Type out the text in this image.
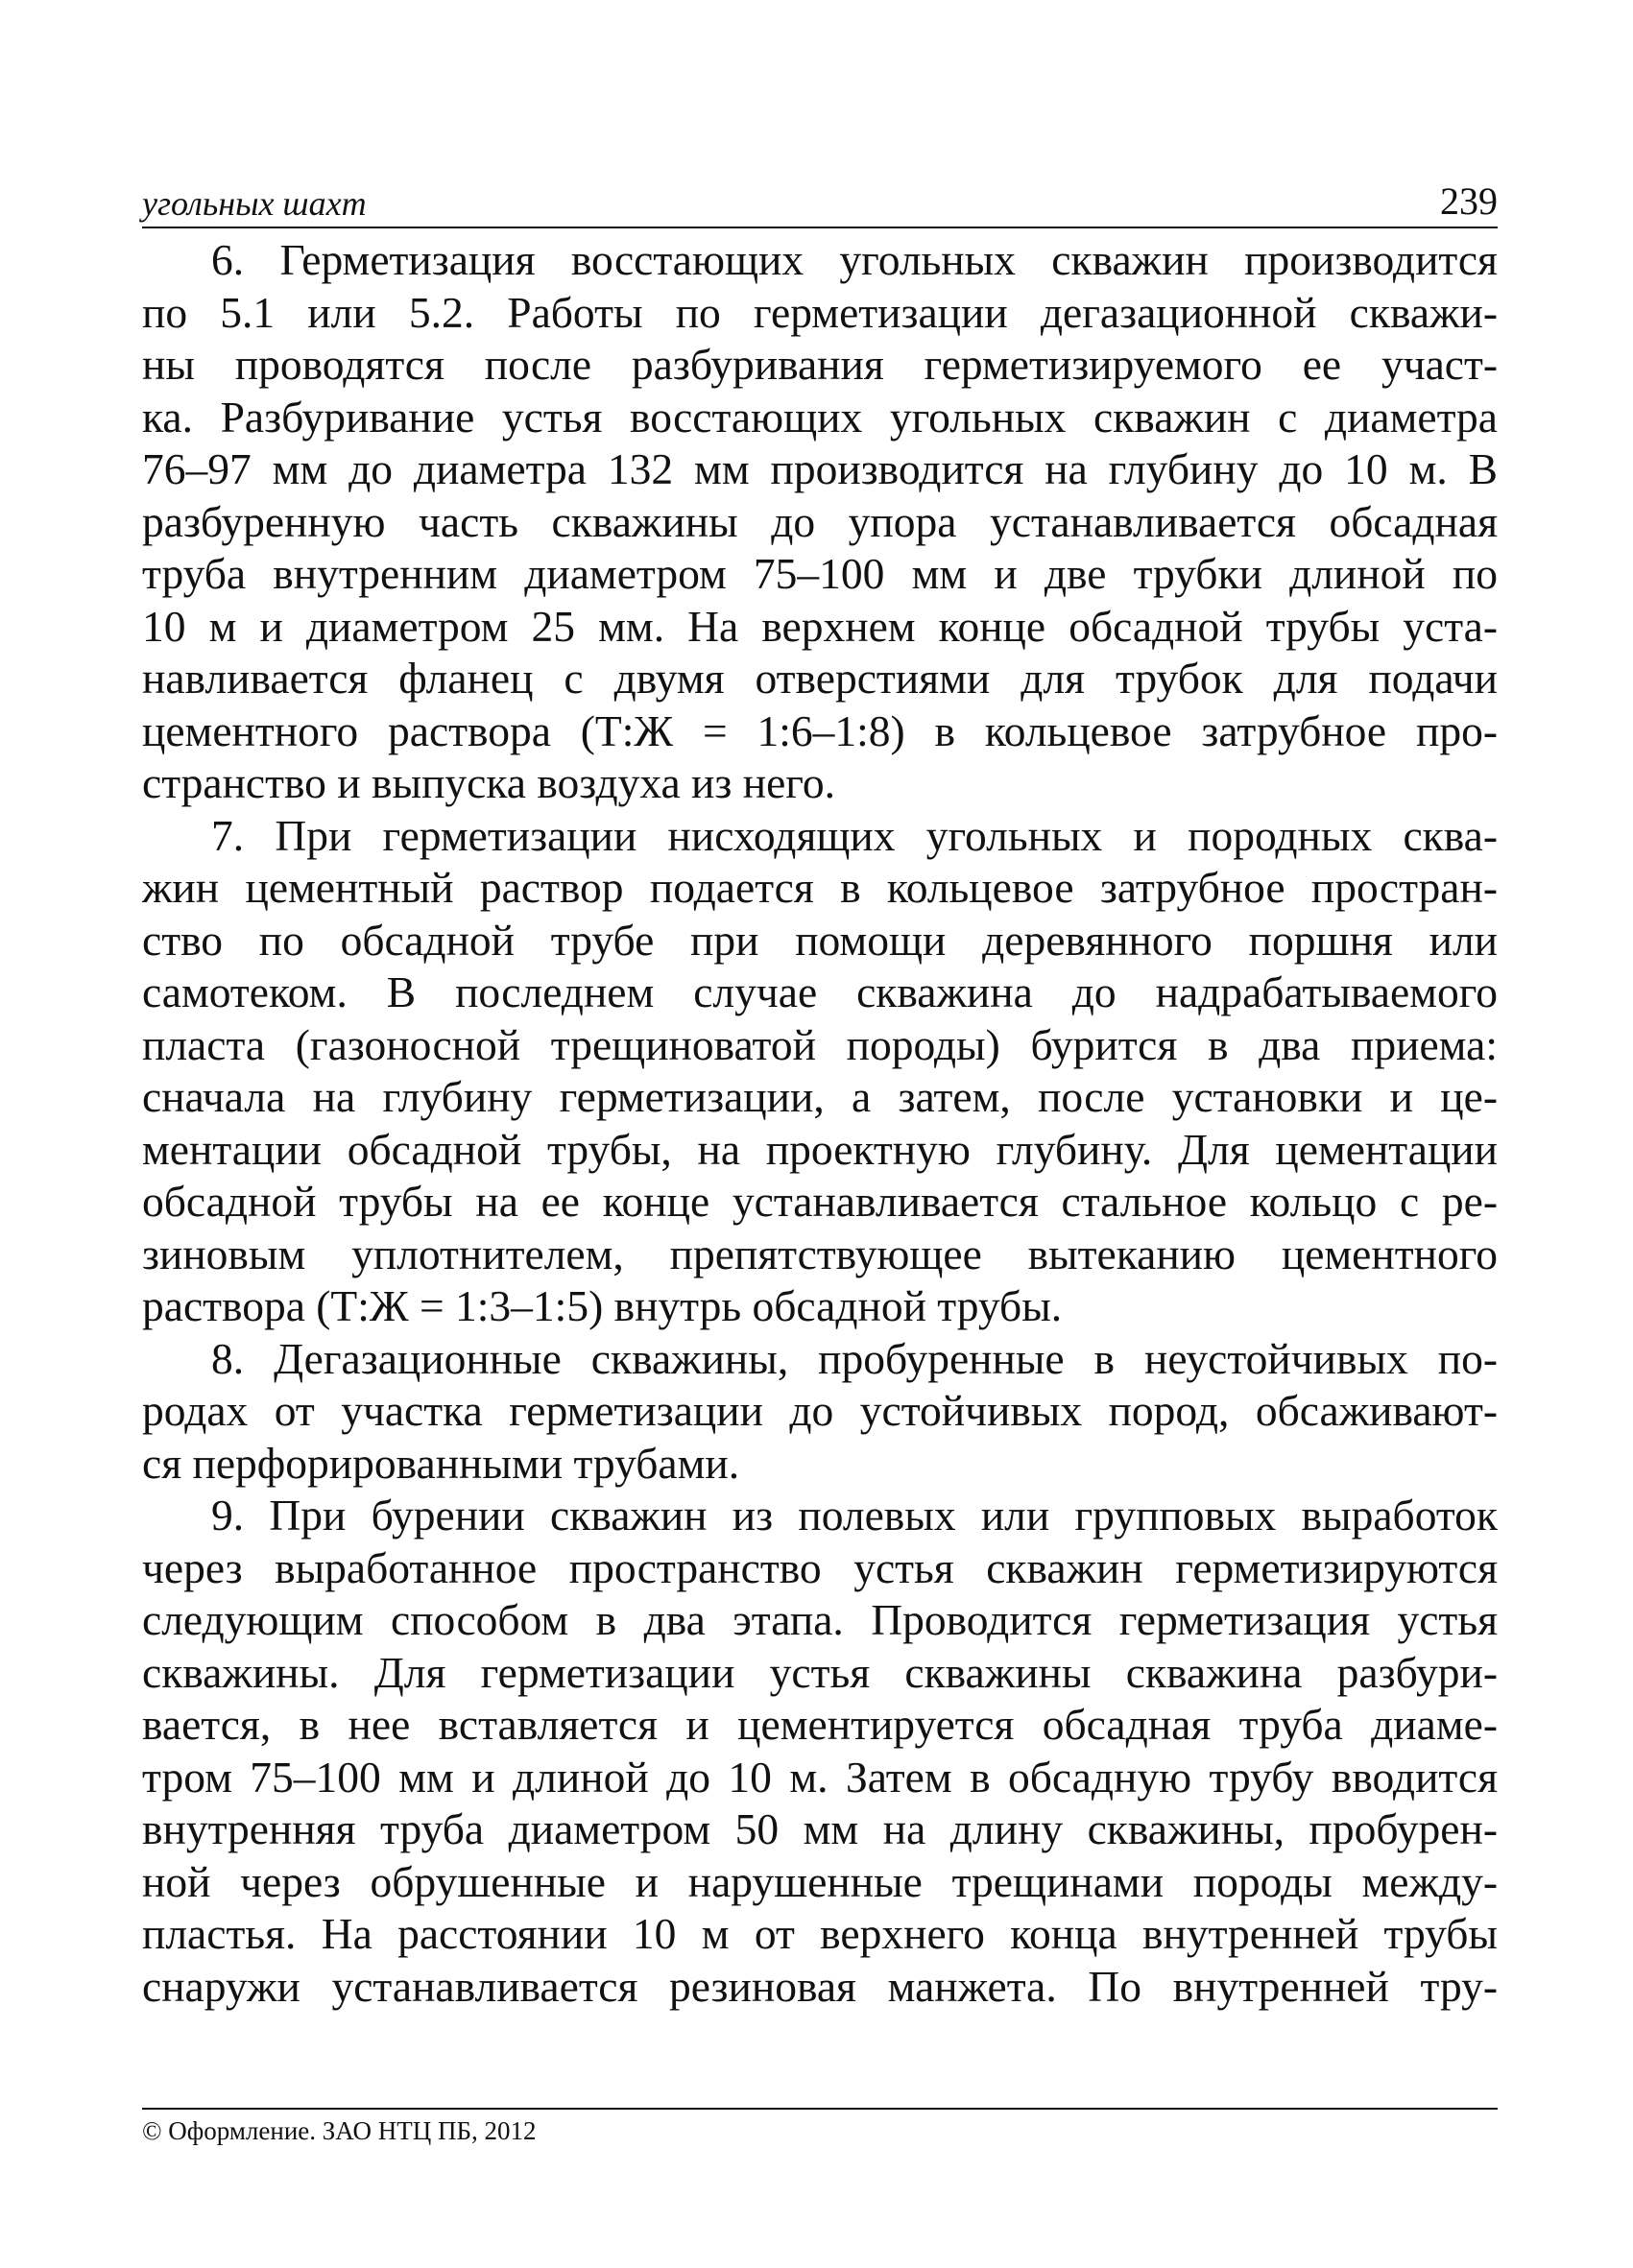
угольных шахт	239

6. Герметизация восстающих угольных скважин производится
по 5.1 или 5.2. Работы по герметизации дегазационной скважи-
ны проводятся после разбуривания герметизируемого ее участ-
ка. Разбуривание устья восстающих угольных скважин с диаметра
76–97 мм до диаметра 132 мм производится на глубину до 10 м. В
разбуренную часть скважины до упора устанавливается обсадная
труба внутренним диаметром 75–100 мм и две трубки длиной по
10 м и диаметром 25 мм. На верхнем конце обсадной трубы уста-
навливается фланец с двумя отверстиями для трубок для подачи
цементного раствора (Т:Ж = 1:6–1:8) в кольцевое затрубное про-
странство и выпуска воздуха из него.

7. При герметизации нисходящих угольных и породных сква-
жин цементный раствор подается в кольцевое затрубное простран-
ство по обсадной трубе при помощи деревянного поршня или
самотеком. В последнем случае скважина до надрабатываемого
пласта (газоносной трещиноватой породы) бурится в два приема:
сначала на глубину герметизации, а затем, после установки и це-
ментации обсадной трубы, на проектную глубину. Для цементации
обсадной трубы на ее конце устанавливается стальное кольцо с ре-
зиновым уплотнителем, препятствующее вытеканию цементного
раствора (Т:Ж = 1:3–1:5) внутрь обсадной трубы.

8. Дегазационные скважины, пробуренные в неустойчивых по-
родах от участка герметизации до устойчивых пород, обсаживают-
ся перфорированными трубами.

9. При бурении скважин из полевых или групповых выработок
через выработанное пространство устья скважин герметизируются
следующим способом в два этапа. Проводится герметизация устья
скважины. Для герметизации устья скважины скважина разбури-
вается, в нее вставляется и цементируется обсадная труба диаме-
тром 75–100 мм и длиной до 10 м. Затем в обсадную трубу вводится
внутренняя труба диаметром 50 мм на длину скважины, пробурен-
ной через обрушенные и нарушенные трещинами породы междy-
пластья. На расстоянии 10 м от верхнего конца внутренней трубы
снаружи устанавливается резиновая манжета. По внутренней тру-

© Оформление. ЗАО НТЦ ПБ, 2012
